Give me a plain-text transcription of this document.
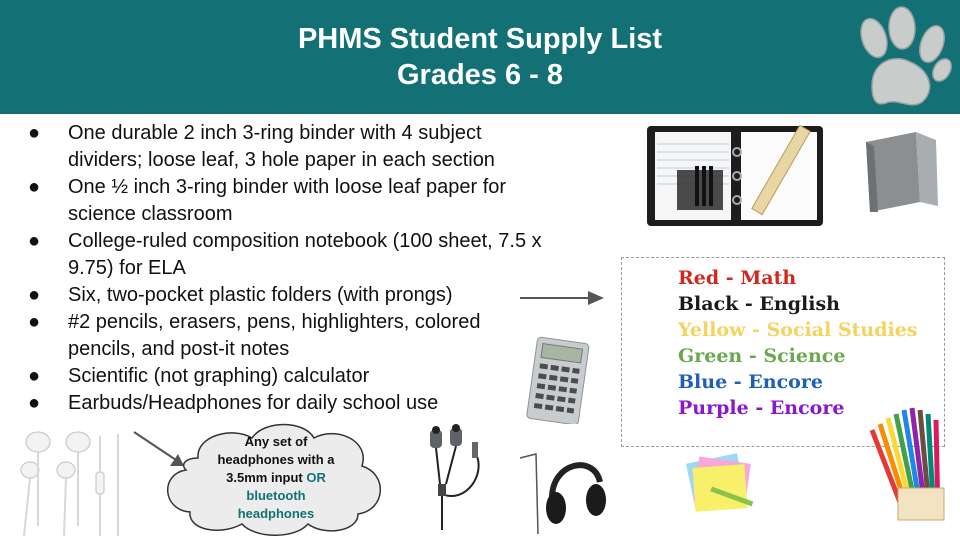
PHMS Student Supply List
Grades 6 - 8
●	One durable 2 inch 3-ring binder with 4 subject
dividers; loose leaf, 3 hole paper in each section
●	One ½ inch 3-ring binder with loose leaf paper for
science classroom
●	College-ruled composition notebook (100 sheet, 7.5 x
9.75) for ELA
●	Six, two-pocket plastic folders (with prongs)
●	#2 pencils, erasers, pens, highlighters, colored
pencils, and post-it notes
●	Scientific (not graphing) calculator
●	Earbuds/Headphones for daily school use
Red - Math
Black - English
Yellow - Social Studies
Green - Science
Blue - Encore
Purple - Encore
Any set of
headphones with a
3.5mm input OR
bluetooth
headphones
